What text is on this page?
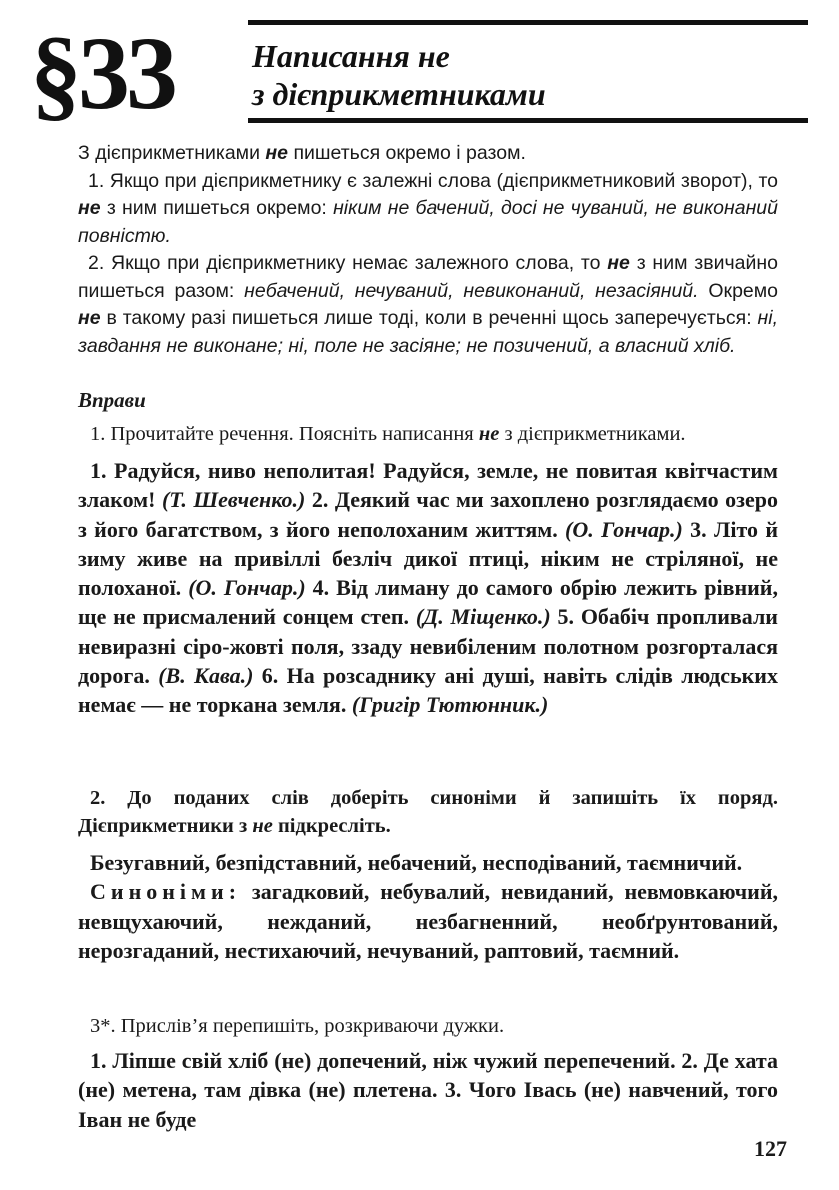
§33 Написання не
з дієприкметниками

З дієприкметниками не пишеться окремо і разом.

1. Якщо при дієприкметнику є залежні слова (дієприкметниковий зворот), то не з ним пишеться окремо: ніким не бачений, досі не чуваний, не виконаний повністю.

2. Якщо при дієприкметнику немає залежного слова, то не з ним звичайно пишеться разом: небачений, нечуваний, невиконаний, незасіяний. Окремо не в такому разі пишеться лише тоді, коли в реченні щось заперечується: ні, завдання не виконане; ні, поле не засіяне; не позичений, а власний хліб.

Вправи

1. Прочитайте речення. Поясніть написання не з дієприкметниками.

1. Радуйся, ниво неполитая! Радуйся, земле, не повитая квітчастим злаком! (Т. Шевченко.) 2. Деякий час ми захоплено розглядаємо озеро з його багатством, з його неполоханим життям. (О. Гончар.) 3. Літо й зиму живе на привіллі безліч дикої птиці, ніким не стріляної, не полоханої. (О. Гончар.) 4. Від лиману до самого обрію лежить рівний, ще не присмалений сонцем степ. (Д. Міщенко.) 5. Обабіч пропливали невиразні сіро-жовті поля, ззаду невибіленим полотном розгорталася дорога. (В. Кава.) 6. На розсаднику ані душі, навіть слідів людських немає — не торкана земля. (Григір Тютюнник.)

2. До поданих слів доберіть синоніми й запишіть їх поряд. Дієприкметники з не підкресліть.

Безугавний, безпідставний, небачений, несподіваний, таємничий.

Синоніми: загадковий, небувалий, невиданий, невмовкаючий, невщухаючий, нежданий, незбагненний, необґрунтований, нерозгаданий, нестихаючий, нечуваний, раптовий, таємний.

3*. Прислів’я перепишіть, розкриваючи дужки.

1. Лiпше свій хліб (не) допечений, ніж чужий перепечений. 2. Де хата (не) метена, там дівка (не) плетена. 3. Чого Івась (не) навчений, того Іван не буде

127
